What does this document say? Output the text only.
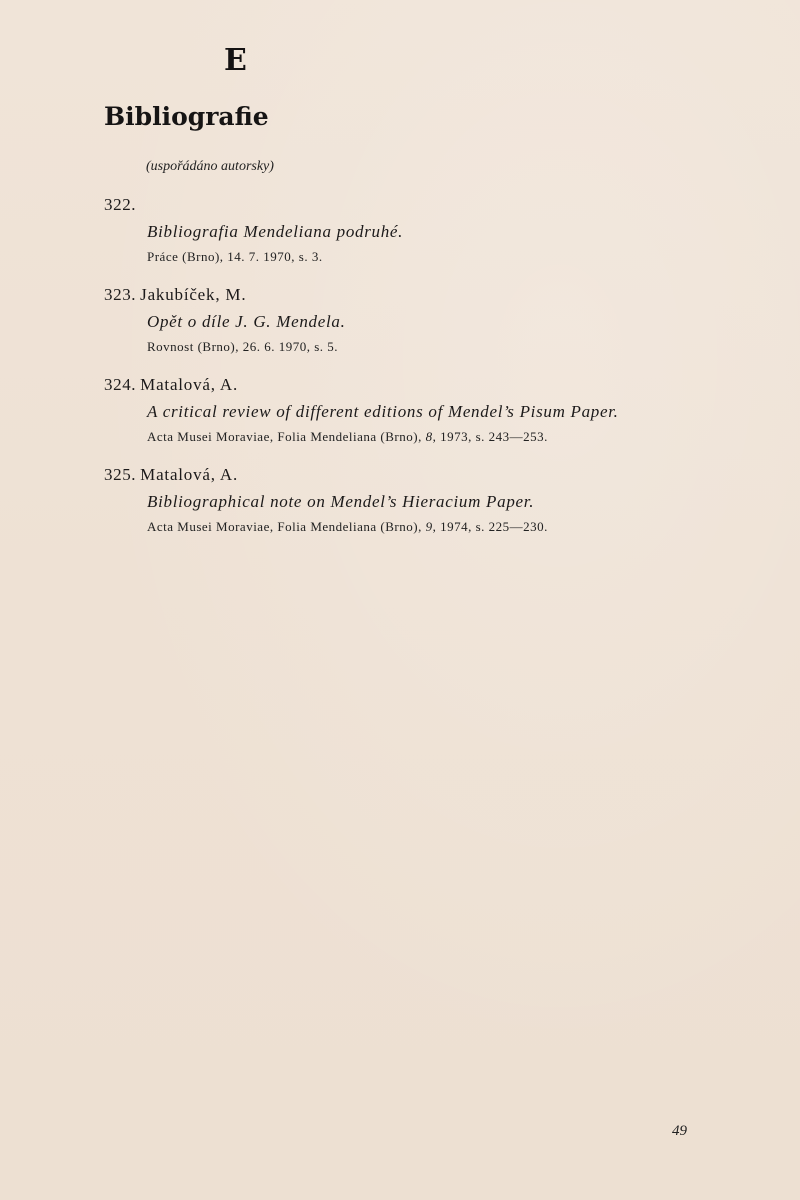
E
Bibliografie
(uspořádáno autorsky)
322.
Bibliografia Mendeliana podruhé.
Práce (Brno), 14. 7. 1970, s. 3.
323. Jakubíček, M.
Opět o díle J. G. Mendela.
Rovnost (Brno), 26. 6. 1970, s. 5.
324. Matalová, A.
A critical review of different editions of Mendel’s Pisum Paper.
Acta Musei Moraviae, Folia Mendeliana (Brno), 8, 1973, s. 243—253.
325. Matalová, A.
Bibliographical note on Mendel’s Hieracium Paper.
Acta Musei Moraviae, Folia Mendeliana (Brno), 9, 1974, s. 225—230.
49
